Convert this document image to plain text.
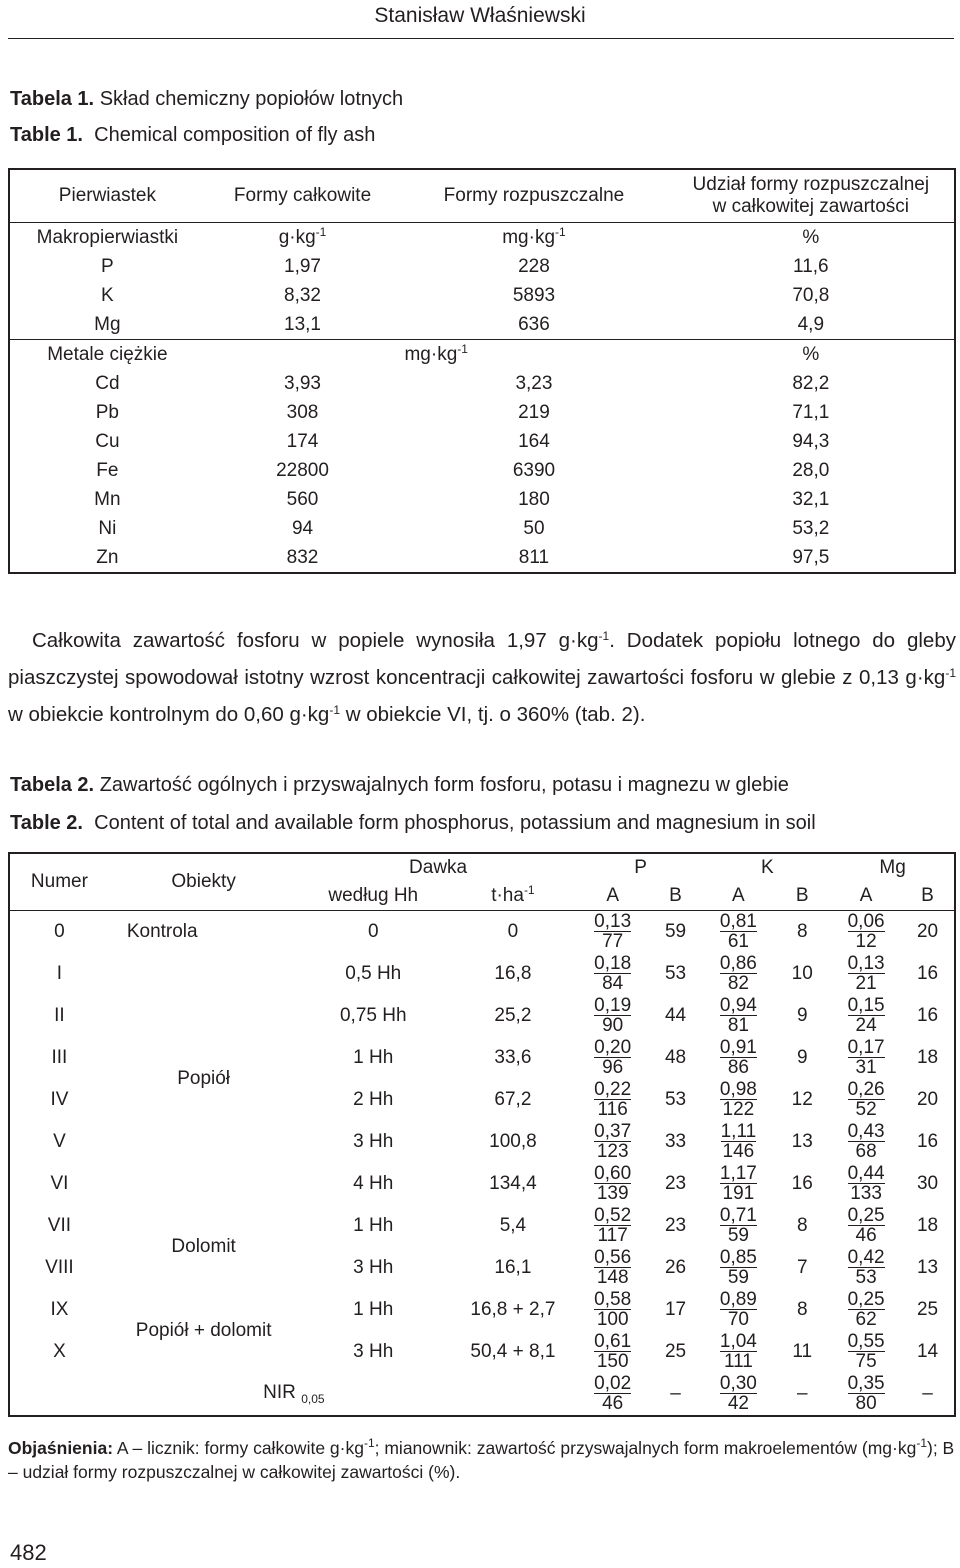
Stanisław Właśniewski
Tabela 1. Skład chemiczny popiołów lotnych
Table 1. Chemical composition of fly ash
Pierwiastek	Formy całkowite	Formy rozpuszczalne	Udział formy rozpuszczalnej
w całkowitej zawartości
Makropierwiastki	$g\cdot kg^{-1}$	$mg\cdot kg^{-1}$	%
P	1,97	228	11,6
K	8,32	5893	70,8
Mg	13,1	636	4,9
Metale ciężkie	$mg\cdot kg^{-1}$		%
Cd	3,93	3,23	82,2
Pb	308	219	71,1
Cu	174	164	94,3
Fe	22800	6390	28,0
Mn	560	180	32,1
Ni	94	50	53,2
Zn	832	811	97,5

Całkowita zawartość fosforu w popiele wynosiła 1,97 $g\cdot kg^{-1}$. Dodatek popiołu lotnego do gleby piaszczystej spowodował istotny wzrost koncentracji całkowitej zawartości fosforu w glebie z 0,13 $g\cdot kg^{-1}$ w obiekcie kontrolnym do 0,60 $g\cdot kg^{-1}$ w obiekcie VI, tj. o 360% (tab. 2).

Tabela 2. Zawartość ogólnych i przyswajalnych form fosforu, potasu i magnezu w glebie
Table 2. Content of total and available form phosphorus, potassium and magnesium in soil
Numer	Obiekty	Dawka		P		K		Mg	
		według Hh	$t\cdot ha^{-1}$	A	B	A	B	A	B
0	Kontrola	0	0	$\frac{0,13}{77}$	59	$\frac{0,81}{61}$	8	$\frac{0,06}{12}$	20
I	Popiół	0,5 Hh	16,8	$\frac{0,18}{84}$	53	$\frac{0,86}{82}$	10	$\frac{0,13}{21}$	16
II		0,75 Hh	25,2	$\frac{0,19}{90}$	44	$\frac{0,94}{81}$	9	$\frac{0,15}{24}$	16
III		1 Hh	33,6	$\frac{0,20}{96}$	48	$\frac{0,91}{86}$	9	$\frac{0,17}{31}$	18
IV		2 Hh	67,2	$\frac{0,22}{116}$	53	$\frac{0,98}{122}$	12	$\frac{0,26}{52}$	20
V		3 Hh	100,8	$\frac{0,37}{123}$	33	$\frac{1,11}{146}$	13	$\frac{0,43}{68}$	16
VI		4 Hh	134,4	$\frac{0,60}{139}$	23	$\frac{1,17}{191}$	16	$\frac{0,44}{133}$	30
VII	Dolomit	1 Hh	5,4	$\frac{0,52}{117}$	23	$\frac{0,71}{59}$	8	$\frac{0,25}{46}$	18
VIII		3 Hh	16,1	$\frac{0,56}{148}$	26	$\frac{0,85}{59}$	7	$\frac{0,42}{53}$	13
IX	Popiół + dolomit	1 Hh	16,8 + 2,7	$\frac{0,58}{100}$	17	$\frac{0,89}{70}$	8	$\frac{0,25}{62}$	25
X		3 Hh	50,4 + 8,1	$\frac{0,61}{150}$	25	$\frac{1,04}{111}$	11	$\frac{0,55}{75}$	14
NIR $_{0,05}$				$\frac{0,02}{46}$	–	$\frac{0,30}{42}$	–	$\frac{0,35}{80}$	–
Objaśnienia: A – licznik: formy całkowite $g\cdot kg^{-1}$; mianownik: zawartość przyswajalnych form makroelementów $(mg\cdot kg^{-1})$; B – udział formy rozpuszczalnej w całkowitej zawartości (%).
482
